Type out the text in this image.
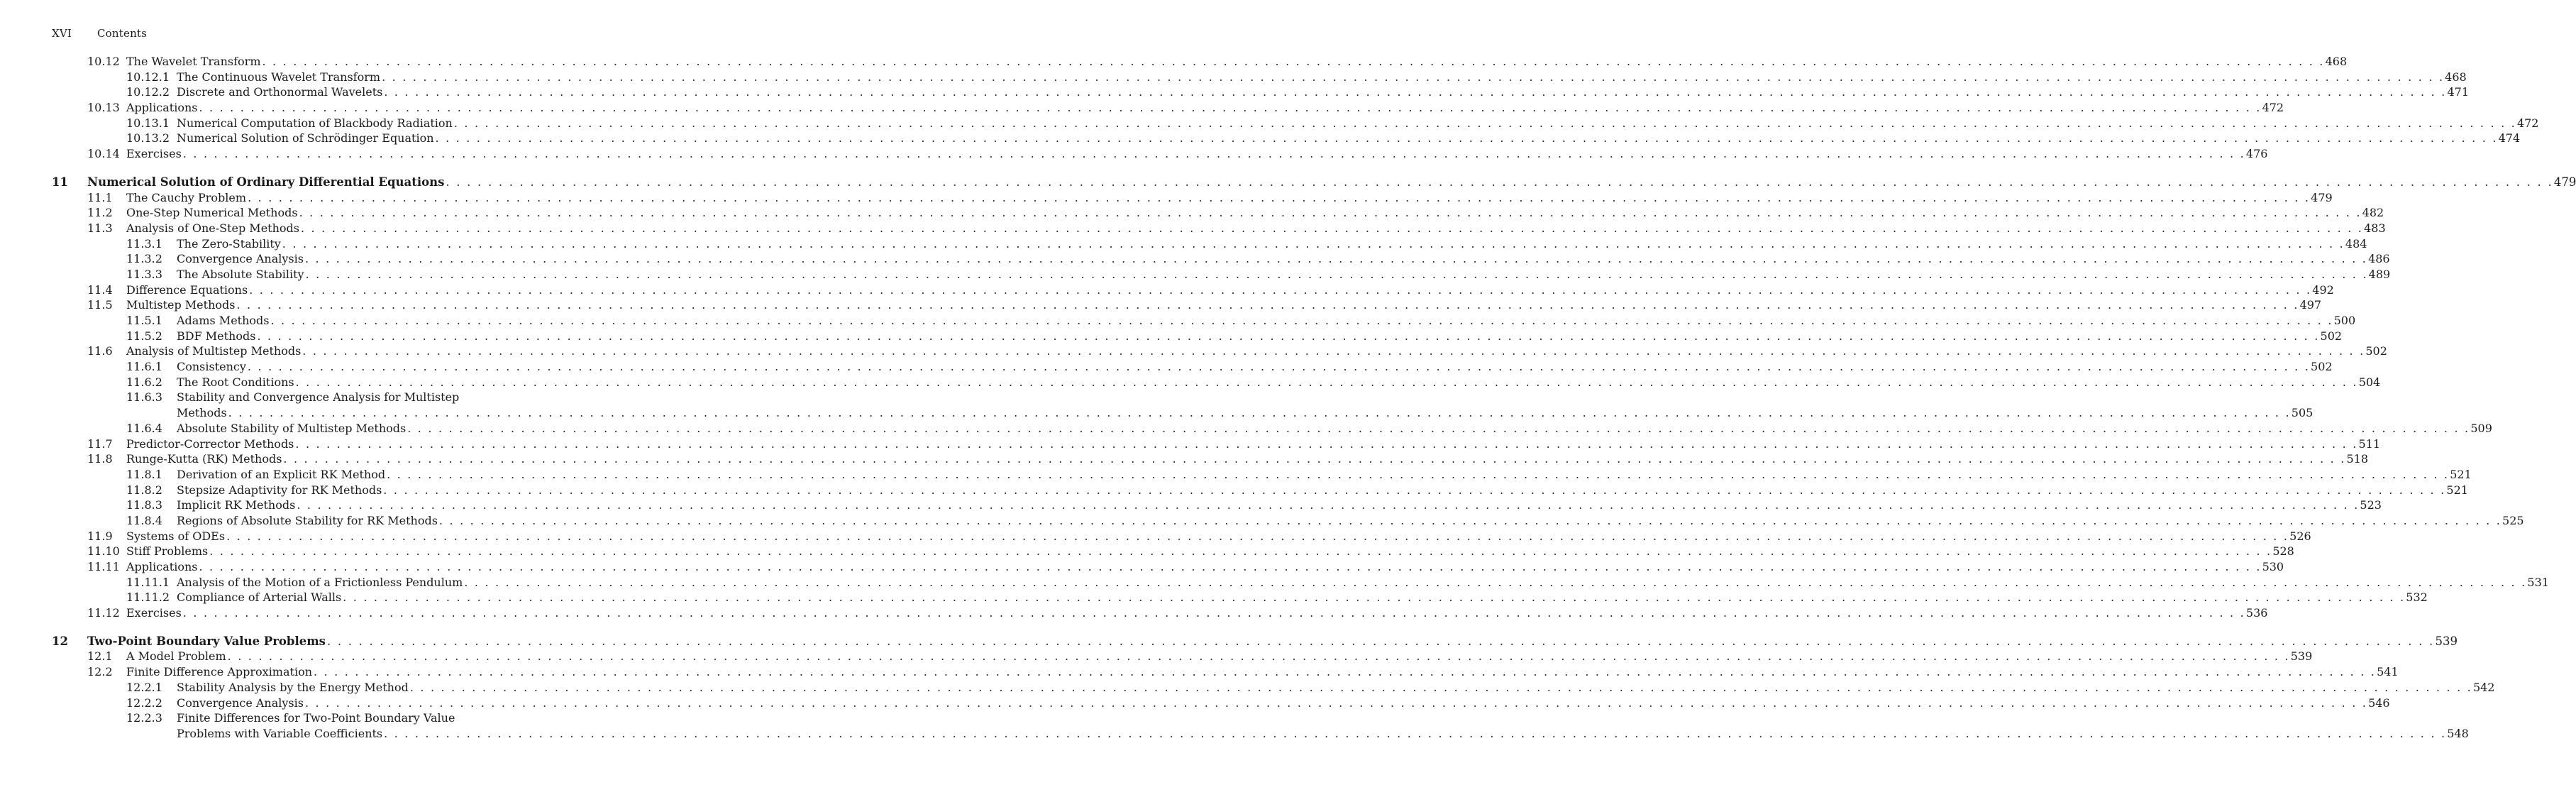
XVI Contents
10.12 The Wavelet Transform . . . . . . . . . . . . . . . . . . . . . . . . . . . . . . . . . . . . . . . . . . . . . . . . . . . . . . . . . . . . . . . . . . . . . . . . . . . . . . . . . . . . . . . . . . . . . . . . . . . . . . . . . . . . . . . . . . . . . . . . . . . . . . . . . . . . . . . . . . . . . . . . . . . . . . . . . . . . . . . . . . . . . . . . . . . . . . . . . . . . . . . . . . . . . . . . . . . . . . . . 468
10.12.1 The Continuous Wavelet Transform . . . . . . . . . . . . . . . . . . . . . . . . . . . . . . . . . . . . . . . . . . . . . . . . . . . . . . . . . . . . . . . . . . . . . . . . . . . . . . . . . . . . . . . . . . . . . . . . . . . . . . . . . . . . . . . . . . . . . . . . . . . . . . . . . . . . . . . . . . . . . . . . . . . . . . . . . . . . . . . . . . . . . . . . . . . . . . . . . . . . . . . . . . . . . . . . . . . . . . . . 468
10.12.2 Discrete and Orthonormal Wavelets . . . . . . . . . . . . . . . . . . . . . . . . . . . . . . . . . . . . . . . . . . . . . . . . . . . . . . . . . . . . . . . . . . . . . . . . . . . . . . . . . . . . . . . . . . . . . . . . . . . . . . . . . . . . . . . . . . . . . . . . . . . . . . . . . . . . . . . . . . . . . . . . . . . . . . . . . . . . . . . . . . . . . . . . . . . . . . . . . . . . . . . . . . . . . . . . . . . . . . . . 471
10.13 Applications . . . . . . . . . . . . . . . . . . . . . . . . . . . . . . . . . . . . . . . . . . . . . . . . . . . . . . . . . . . . . . . . . . . . . . . . . . . . . . . . . . . . . . . . . . . . . . . . . . . . . . . . . . . . . . . . . . . . . . . . . . . . . . . . . . . . . . . . . . . . . . . . . . . . . . . . . . . . . . . . . . . . . . . . . . . . . . . . . . . . . . . . . . . . . . . . . . . . . . . . 472
10.13.1 Numerical Computation of Blackbody Radiation . . . . . . . . . . . . . . . . . . . . . . . . . . . . . . . . . . . . . . . . . . . . . . . . . . . . . . . . . . . . . . . . . . . . . . . . . . . . . . . . . . . . . . . . . . . . . . . . . . . . . . . . . . . . . . . . . . . . . . . . . . . . . . . . . . . . . . . . . . . . . . . . . . . . . . . . . . . . . . . . . . . . . . . . . . . . . . . . . . . . . . . . . . . . . . . . . . . . . . . . 472
10.13.2 Numerical Solution of Schrödinger Equation . . . . . . . . . . . . . . . . . . . . . . . . . . . . . . . . . . . . . . . . . . . . . . . . . . . . . . . . . . . . . . . . . . . . . . . . . . . . . . . . . . . . . . . . . . . . . . . . . . . . . . . . . . . . . . . . . . . . . . . . . . . . . . . . . . . . . . . . . . . . . . . . . . . . . . . . . . . . . . . . . . . . . . . . . . . . . . . . . . . . . . . . . . . . . . . . . . . . . . . . 474
10.14 Exercises . . . . . . . . . . . . . . . . . . . . . . . . . . . . . . . . . . . . . . . . . . . . . . . . . . . . . . . . . . . . . . . . . . . . . . . . . . . . . . . . . . . . . . . . . . . . . . . . . . . . . . . . . . . . . . . . . . . . . . . . . . . . . . . . . . . . . . . . . . . . . . . . . . . . . . . . . . . . . . . . . . . . . . . . . . . . . . . . . . . . . . . . . . . . . . . . . . . . . . . . 476
11 Numerical Solution of Ordinary Differential Equations . . . . . . . . . . . . . . . . . . . . . . . . . . . . . . . . . . . . . . . . . . . . . . . . . . . . . . . . . . . . . . . . . . . . . . . . . . . . . . . . . . . . . . . . . . . . . . . . . . . . . . . . . . . . . . . . . . . . . . . . . . . . . . . . . . . . . . . . . . . . . . . . . . . . . . . . . . . . . . . . . . . . . . . . . . . . . . . . . . . . . . . . . . . . . . . . . . . . . . . . 479
11.1 The Cauchy Problem . . . . . . . . . . . . . . . . . . . . . . . . . . . . . . . . . . . . . . . . . . . . . . . . . . . . . . . . . . . . . . . . . . . . . . . . . . . . . . . . . . . . . . . . . . . . . . . . . . . . . . . . . . . . . . . . . . . . . . . . . . . . . . . . . . . . . . . . . . . . . . . . . . . . . . . . . . . . . . . . . . . . . . . . . . . . . . . . . . . . . . . . . . . . . . . . . . . . . . . . 479
11.2 One-Step Numerical Methods . . . . . . . . . . . . . . . . . . . . . . . . . . . . . . . . . . . . . . . . . . . . . . . . . . . . . . . . . . . . . . . . . . . . . . . . . . . . . . . . . . . . . . . . . . . . . . . . . . . . . . . . . . . . . . . . . . . . . . . . . . . . . . . . . . . . . . . . . . . . . . . . . . . . . . . . . . . . . . . . . . . . . . . . . . . . . . . . . . . . . . . . . . . . . . . . . . . . . . . . 482
11.3 Analysis of One-Step Methods . . . . . . . . . . . . . . . . . . . . . . . . . . . . . . . . . . . . . . . . . . . . . . . . . . . . . . . . . . . . . . . . . . . . . . . . . . . . . . . . . . . . . . . . . . . . . . . . . . . . . . . . . . . . . . . . . . . . . . . . . . . . . . . . . . . . . . . . . . . . . . . . . . . . . . . . . . . . . . . . . . . . . . . . . . . . . . . . . . . . . . . . . . . . . . . . . . . . . . . . 483
11.3.1 The Zero-Stability . . . . . . . . . . . . . . . . . . . . . . . . . . . . . . . . . . . . . . . . . . . . . . . . . . . . . . . . . . . . . . . . . . . . . . . . . . . . . . . . . . . . . . . . . . . . . . . . . . . . . . . . . . . . . . . . . . . . . . . . . . . . . . . . . . . . . . . . . . . . . . . . . . . . . . . . . . . . . . . . . . . . . . . . . . . . . . . . . . . . . . . . . . . . . . . . . . . . . . . . 484
11.3.2 Convergence Analysis . . . . . . . . . . . . . . . . . . . . . . . . . . . . . . . . . . . . . . . . . . . . . . . . . . . . . . . . . . . . . . . . . . . . . . . . . . . . . . . . . . . . . . . . . . . . . . . . . . . . . . . . . . . . . . . . . . . . . . . . . . . . . . . . . . . . . . . . . . . . . . . . . . . . . . . . . . . . . . . . . . . . . . . . . . . . . . . . . . . . . . . . . . . . . . . . . . . . . . . . 486
11.3.3 The Absolute Stability . . . . . . . . . . . . . . . . . . . . . . . . . . . . . . . . . . . . . . . . . . . . . . . . . . . . . . . . . . . . . . . . . . . . . . . . . . . . . . . . . . . . . . . . . . . . . . . . . . . . . . . . . . . . . . . . . . . . . . . . . . . . . . . . . . . . . . . . . . . . . . . . . . . . . . . . . . . . . . . . . . . . . . . . . . . . . . . . . . . . . . . . . . . . . . . . . . . . . . . . 489
11.4 Difference Equations . . . . . . . . . . . . . . . . . . . . . . . . . . . . . . . . . . . . . . . . . . . . . . . . . . . . . . . . . . . . . . . . . . . . . . . . . . . . . . . . . . . . . . . . . . . . . . . . . . . . . . . . . . . . . . . . . . . . . . . . . . . . . . . . . . . . . . . . . . . . . . . . . . . . . . . . . . . . . . . . . . . . . . . . . . . . . . . . . . . . . . . . . . . . . . . . . . . . . . . . 492
11.5 Multistep Methods . . . . . . . . . . . . . . . . . . . . . . . . . . . . . . . . . . . . . . . . . . . . . . . . . . . . . . . . . . . . . . . . . . . . . . . . . . . . . . . . . . . . . . . . . . . . . . . . . . . . . . . . . . . . . . . . . . . . . . . . . . . . . . . . . . . . . . . . . . . . . . . . . . . . . . . . . . . . . . . . . . . . . . . . . . . . . . . . . . . . . . . . . . . . . . . . . . . . . . . . 497
11.5.1 Adams Methods . . . . . . . . . . . . . . . . . . . . . . . . . . . . . . . . . . . . . . . . . . . . . . . . . . . . . . . . . . . . . . . . . . . . . . . . . . . . . . . . . . . . . . . . . . . . . . . . . . . . . . . . . . . . . . . . . . . . . . . . . . . . . . . . . . . . . . . . . . . . . . . . . . . . . . . . . . . . . . . . . . . . . . . . . . . . . . . . . . . . . . . . . . . . . . . . . . . . . . . . 500
11.5.2 BDF Methods . . . . . . . . . . . . . . . . . . . . . . . . . . . . . . . . . . . . . . . . . . . . . . . . . . . . . . . . . . . . . . . . . . . . . . . . . . . . . . . . . . . . . . . . . . . . . . . . . . . . . . . . . . . . . . . . . . . . . . . . . . . . . . . . . . . . . . . . . . . . . . . . . . . . . . . . . . . . . . . . . . . . . . . . . . . . . . . . . . . . . . . . . . . . . . . . . . . . . . . . 502
11.6 Analysis of Multistep Methods . . . . . . . . . . . . . . . . . . . . . . . . . . . . . . . . . . . . . . . . . . . . . . . . . . . . . . . . . . . . . . . . . . . . . . . . . . . . . . . . . . . . . . . . . . . . . . . . . . . . . . . . . . . . . . . . . . . . . . . . . . . . . . . . . . . . . . . . . . . . . . . . . . . . . . . . . . . . . . . . . . . . . . . . . . . . . . . . . . . . . . . . . . . . . . . . . . . . . . . . 502
11.6.1 Consistency . . . . . . . . . . . . . . . . . . . . . . . . . . . . . . . . . . . . . . . . . . . . . . . . . . . . . . . . . . . . . . . . . . . . . . . . . . . . . . . . . . . . . . . . . . . . . . . . . . . . . . . . . . . . . . . . . . . . . . . . . . . . . . . . . . . . . . . . . . . . . . . . . . . . . . . . . . . . . . . . . . . . . . . . . . . . . . . . . . . . . . . . . . . . . . . . . . . . . . . . 502
11.6.2 The Root Conditions . . . . . . . . . . . . . . . . . . . . . . . . . . . . . . . . . . . . . . . . . . . . . . . . . . . . . . . . . . . . . . . . . . . . . . . . . . . . . . . . . . . . . . . . . . . . . . . . . . . . . . . . . . . . . . . . . . . . . . . . . . . . . . . . . . . . . . . . . . . . . . . . . . . . . . . . . . . . . . . . . . . . . . . . . . . . . . . . . . . . . . . . . . . . . . . . . . . . . . . . 504
11.6.3 Stability and Convergence Analysis for Multistep
Methods . . . . . . . . . . . . . . . . . . . . . . . . . . . . . . . . . . . . . . . . . . . . . . . . . . . . . . . . . . . . . . . . . . . . . . . . . . . . . . . . . . . . . . . . . . . . . . . . . . . . . . . . . . . . . . . . . . . . . . . . . . . . . . . . . . . . . . . . . . . . . . . . . . . . . . . . . . . . . . . . . . . . . . . . . . . . . . . . . . . . . . . . . . . . . . . . . . . . . . . . 505
11.6.4 Absolute Stability of Multistep Methods . . . . . . . . . . . . . . . . . . . . . . . . . . . . . . . . . . . . . . . . . . . . . . . . . . . . . . . . . . . . . . . . . . . . . . . . . . . . . . . . . . . . . . . . . . . . . . . . . . . . . . . . . . . . . . . . . . . . . . . . . . . . . . . . . . . . . . . . . . . . . . . . . . . . . . . . . . . . . . . . . . . . . . . . . . . . . . . . . . . . . . . . . . . . . . . . . . . . . . . . 509
11.7 Predictor-Corrector Methods . . . . . . . . . . . . . . . . . . . . . . . . . . . . . . . . . . . . . . . . . . . . . . . . . . . . . . . . . . . . . . . . . . . . . . . . . . . . . . . . . . . . . . . . . . . . . . . . . . . . . . . . . . . . . . . . . . . . . . . . . . . . . . . . . . . . . . . . . . . . . . . . . . . . . . . . . . . . . . . . . . . . . . . . . . . . . . . . . . . . . . . . . . . . . . . . . . . . . . . . 511
11.8 Runge-Kutta (RK) Methods . . . . . . . . . . . . . . . . . . . . . . . . . . . . . . . . . . . . . . . . . . . . . . . . . . . . . . . . . . . . . . . . . . . . . . . . . . . . . . . . . . . . . . . . . . . . . . . . . . . . . . . . . . . . . . . . . . . . . . . . . . . . . . . . . . . . . . . . . . . . . . . . . . . . . . . . . . . . . . . . . . . . . . . . . . . . . . . . . . . . . . . . . . . . . . . . . . . . . . . . 518
11.8.1 Derivation of an Explicit RK Method . . . . . . . . . . . . . . . . . . . . . . . . . . . . . . . . . . . . . . . . . . . . . . . . . . . . . . . . . . . . . . . . . . . . . . . . . . . . . . . . . . . . . . . . . . . . . . . . . . . . . . . . . . . . . . . . . . . . . . . . . . . . . . . . . . . . . . . . . . . . . . . . . . . . . . . . . . . . . . . . . . . . . . . . . . . . . . . . . . . . . . . . . . . . . . . . . . . . . . . . 521
11.8.2 Stepsize Adaptivity for RK Methods . . . . . . . . . . . . . . . . . . . . . . . . . . . . . . . . . . . . . . . . . . . . . . . . . . . . . . . . . . . . . . . . . . . . . . . . . . . . . . . . . . . . . . . . . . . . . . . . . . . . . . . . . . . . . . . . . . . . . . . . . . . . . . . . . . . . . . . . . . . . . . . . . . . . . . . . . . . . . . . . . . . . . . . . . . . . . . . . . . . . . . . . . . . . . . . . . . . . . . . . 521
11.8.3 Implicit RK Methods . . . . . . . . . . . . . . . . . . . . . . . . . . . . . . . . . . . . . . . . . . . . . . . . . . . . . . . . . . . . . . . . . . . . . . . . . . . . . . . . . . . . . . . . . . . . . . . . . . . . . . . . . . . . . . . . . . . . . . . . . . . . . . . . . . . . . . . . . . . . . . . . . . . . . . . . . . . . . . . . . . . . . . . . . . . . . . . . . . . . . . . . . . . . . . . . . . . . . . . . 523
11.8.4 Regions of Absolute Stability for RK Methods . . . . . . . . . . . . . . . . . . . . . . . . . . . . . . . . . . . . . . . . . . . . . . . . . . . . . . . . . . . . . . . . . . . . . . . . . . . . . . . . . . . . . . . . . . . . . . . . . . . . . . . . . . . . . . . . . . . . . . . . . . . . . . . . . . . . . . . . . . . . . . . . . . . . . . . . . . . . . . . . . . . . . . . . . . . . . . . . . . . . . . . . . . . . . . . . . . . . . . . . 525
11.9 Systems of ODEs . . . . . . . . . . . . . . . . . . . . . . . . . . . . . . . . . . . . . . . . . . . . . . . . . . . . . . . . . . . . . . . . . . . . . . . . . . . . . . . . . . . . . . . . . . . . . . . . . . . . . . . . . . . . . . . . . . . . . . . . . . . . . . . . . . . . . . . . . . . . . . . . . . . . . . . . . . . . . . . . . . . . . . . . . . . . . . . . . . . . . . . . . . . . . . . . . . . . . . . . 526
11.10 Stiff Problems . . . . . . . . . . . . . . . . . . . . . . . . . . . . . . . . . . . . . . . . . . . . . . . . . . . . . . . . . . . . . . . . . . . . . . . . . . . . . . . . . . . . . . . . . . . . . . . . . . . . . . . . . . . . . . . . . . . . . . . . . . . . . . . . . . . . . . . . . . . . . . . . . . . . . . . . . . . . . . . . . . . . . . . . . . . . . . . . . . . . . . . . . . . . . . . . . . . . . . . . 528
11.11 Applications . . . . . . . . . . . . . . . . . . . . . . . . . . . . . . . . . . . . . . . . . . . . . . . . . . . . . . . . . . . . . . . . . . . . . . . . . . . . . . . . . . . . . . . . . . . . . . . . . . . . . . . . . . . . . . . . . . . . . . . . . . . . . . . . . . . . . . . . . . . . . . . . . . . . . . . . . . . . . . . . . . . . . . . . . . . . . . . . . . . . . . . . . . . . . . . . . . . . . . . . 530
11.11.1 Analysis of the Motion of a Frictionless Pendulum . . . . . . . . . . . . . . . . . . . . . . . . . . . . . . . . . . . . . . . . . . . . . . . . . . . . . . . . . . . . . . . . . . . . . . . . . . . . . . . . . . . . . . . . . . . . . . . . . . . . . . . . . . . . . . . . . . . . . . . . . . . . . . . . . . . . . . . . . . . . . . . . . . . . . . . . . . . . . . . . . . . . . . . . . . . . . . . . . . . . . . . . . . . . . . . . . . . . . . . . 531
11.11.2 Compliance of Arterial Walls . . . . . . . . . . . . . . . . . . . . . . . . . . . . . . . . . . . . . . . . . . . . . . . . . . . . . . . . . . . . . . . . . . . . . . . . . . . . . . . . . . . . . . . . . . . . . . . . . . . . . . . . . . . . . . . . . . . . . . . . . . . . . . . . . . . . . . . . . . . . . . . . . . . . . . . . . . . . . . . . . . . . . . . . . . . . . . . . . . . . . . . . . . . . . . . . . . . . . . . . 532
11.12 Exercises . . . . . . . . . . . . . . . . . . . . . . . . . . . . . . . . . . . . . . . . . . . . . . . . . . . . . . . . . . . . . . . . . . . . . . . . . . . . . . . . . . . . . . . . . . . . . . . . . . . . . . . . . . . . . . . . . . . . . . . . . . . . . . . . . . . . . . . . . . . . . . . . . . . . . . . . . . . . . . . . . . . . . . . . . . . . . . . . . . . . . . . . . . . . . . . . . . . . . . . . 536
12 Two-Point Boundary Value Problems . . . . . . . . . . . . . . . . . . . . . . . . . . . . . . . . . . . . . . . . . . . . . . . . . . . . . . . . . . . . . . . . . . . . . . . . . . . . . . . . . . . . . . . . . . . . . . . . . . . . . . . . . . . . . . . . . . . . . . . . . . . . . . . . . . . . . . . . . . . . . . . . . . . . . . . . . . . . . . . . . . . . . . . . . . . . . . . . . . . . . . . . . . . . . . . . . . . . . . . . 539
12.1 A Model Problem . . . . . . . . . . . . . . . . . . . . . . . . . . . . . . . . . . . . . . . . . . . . . . . . . . . . . . . . . . . . . . . . . . . . . . . . . . . . . . . . . . . . . . . . . . . . . . . . . . . . . . . . . . . . . . . . . . . . . . . . . . . . . . . . . . . . . . . . . . . . . . . . . . . . . . . . . . . . . . . . . . . . . . . . . . . . . . . . . . . . . . . . . . . . . . . . . . . . . . . . 539
12.2 Finite Difference Approximation . . . . . . . . . . . . . . . . . . . . . . . . . . . . . . . . . . . . . . . . . . . . . . . . . . . . . . . . . . . . . . . . . . . . . . . . . . . . . . . . . . . . . . . . . . . . . . . . . . . . . . . . . . . . . . . . . . . . . . . . . . . . . . . . . . . . . . . . . . . . . . . . . . . . . . . . . . . . . . . . . . . . . . . . . . . . . . . . . . . . . . . . . . . . . . . . . . . . . . . . 541
12.2.1 Stability Analysis by the Energy Method . . . . . . . . . . . . . . . . . . . . . . . . . . . . . . . . . . . . . . . . . . . . . . . . . . . . . . . . . . . . . . . . . . . . . . . . . . . . . . . . . . . . . . . . . . . . . . . . . . . . . . . . . . . . . . . . . . . . . . . . . . . . . . . . . . . . . . . . . . . . . . . . . . . . . . . . . . . . . . . . . . . . . . . . . . . . . . . . . . . . . . . . . . . . . . . . . . . . . . . . 542
12.2.2 Convergence Analysis . . . . . . . . . . . . . . . . . . . . . . . . . . . . . . . . . . . . . . . . . . . . . . . . . . . . . . . . . . . . . . . . . . . . . . . . . . . . . . . . . . . . . . . . . . . . . . . . . . . . . . . . . . . . . . . . . . . . . . . . . . . . . . . . . . . . . . . . . . . . . . . . . . . . . . . . . . . . . . . . . . . . . . . . . . . . . . . . . . . . . . . . . . . . . . . . . . . . . . . . 546
12.2.3 Finite Differences for Two-Point Boundary Value
Problems with Variable Coefficients . . . . . . . . . . . . . . . . . . . . . . . . . . . . . . . . . . . . . . . . . . . . . . . . . . . . . . . . . . . . . . . . . . . . . . . . . . . . . . . . . . . . . . . . . . . . . . . . . . . . . . . . . . . . . . . . . . . . . . . . . . . . . . . . . . . . . . . . . . . . . . . . . . . . . . . . . . . . . . . . . . . . . . . . . . . . . . . . . . . . . . . . . . . . . . . . . . . . . . . . 548
